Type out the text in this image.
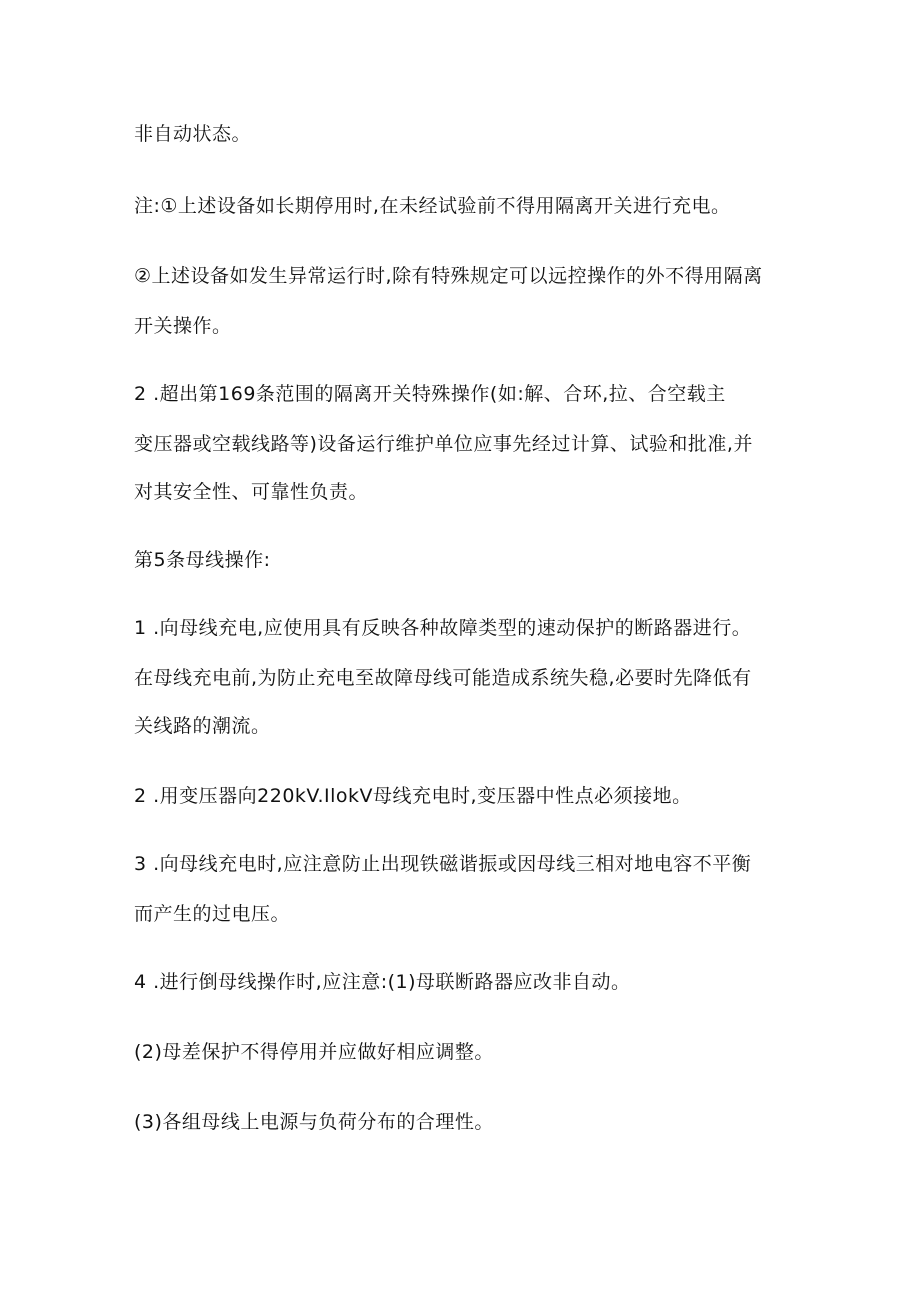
非自动状态。
注:①上述设备如长期停用时,在未经试验前不得用隔离开关进行充电。
②上述设备如发生异常运行时,除有特殊规定可以远控操作的外不得用隔离
开关操作。
2 .超出第169条范围的隔离开关特殊操作(如:解、合环,拉、合空载主
变压器或空载线路等)设备运行维护单位应事先经过计算、试验和批准,并
对其安全性、可靠性负责。
第5条母线操作:
1 .向母线充电,应使用具有反映各种故障类型的速动保护的断路器进行。
在母线充电前,为防止充电至故障母线可能造成系统失稳,必要时先降低有
关线路的潮流。
2 .用变压器向220kV.IlokV母线充电时,变压器中性点必须接地。
3 .向母线充电时,应注意防止出现铁磁谐振或因母线三相对地电容不平衡
而产生的过电压。
4 .进行倒母线操作时,应注意:(1)母联断路器应改非自动。
(2)母差保护不得停用并应做好相应调整。
(3)各组母线上电源与负荷分布的合理性。
